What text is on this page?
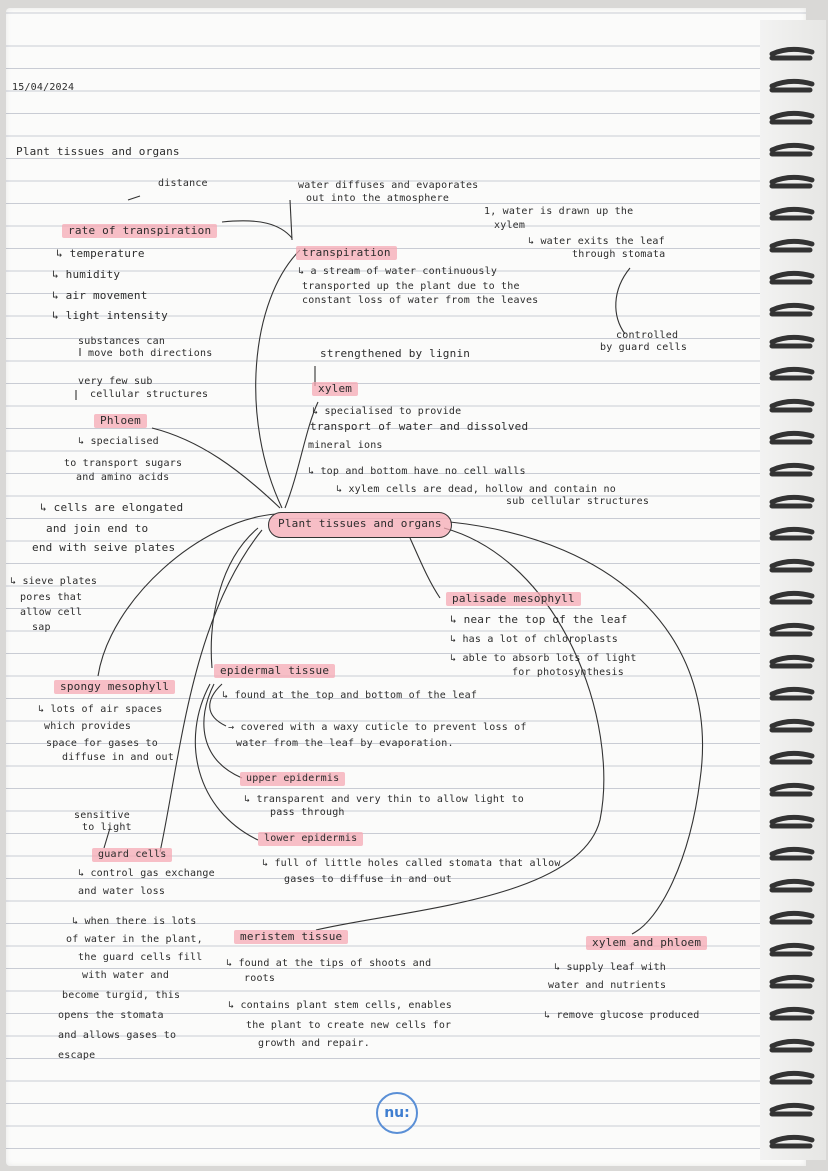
15/04/2024
Plant tissues and organs
distance
rate of transpiration
↳ temperature
↳ humidity
↳ air movement
↳ light intensity
water diffuses and evaporates
out into the atmosphere
1, water is drawn up the
xylem
↳ water exits the leaf
through stomata
transpiration
↳ a stream of water continuously
transported up the plant due to the
constant loss of water from the leaves
controlled
by guard cells
substances can
move both directions
very few sub
cellular structures
Phloem
↳ specialised
to transport sugars
and amino acids
↳ cells are elongated
and join end to
end with seive plates
↳ sieve plates
pores that
allow cell
sap
strengthened by lignin
xylem
↳ specialised to provide
transport of water and dissolved
mineral ions
↳ top and bottom have no cell walls
↳ xylem cells are dead, hollow and contain no
sub cellular structures
Plant tissues and organs
palisade mesophyll
↳ near the top of the leaf
↳ has a lot of chloroplasts
↳ able to absorb lots of light
for photosynthesis
spongy mesophyll
↳ lots of air spaces
which provides
space for gases to
diffuse in and out
epidermal tissue
↳ found at the top and bottom of the leaf
→ covered with a waxy cuticle to prevent loss of
water from the leaf by evaporation.
upper epidermis
↳ transparent and very thin to allow light to
pass through
lower epidermis
↳ full of little holes called stomata that allow
gases to diffuse in and out
sensitive
to light
guard cells
↳ control gas exchange
and water loss
↳ when there is lots
of water in the plant,
the guard cells fill
with water and
become turgid, this
opens the stomata
and allows gases to
escape
meristem tissue
↳ found at the tips of shoots and
roots
↳ contains plant stem cells, enables
the plant to create new cells for
growth and repair.
xylem and phloem
↳ supply leaf with
water and nutrients
↳ remove glucose produced
nu:
